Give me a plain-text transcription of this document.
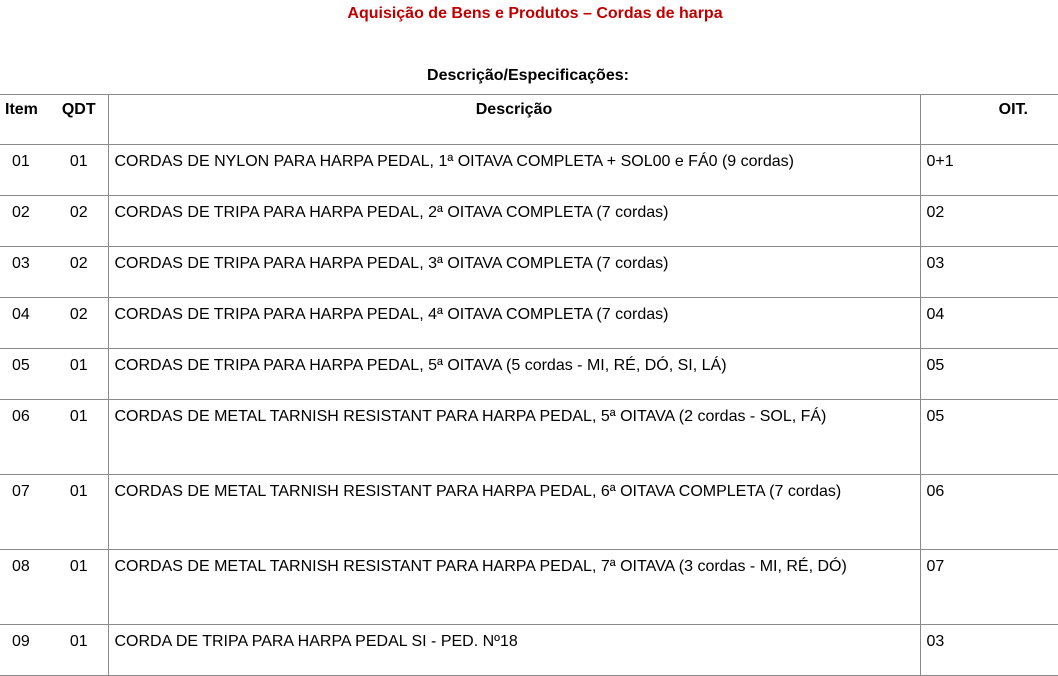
Aquisição de Bens e Produtos – Cordas de harpa
Descrição/Especificações:
Item	QDT	Descrição	OIT.
01	01	CORDAS DE NYLON PARA HARPA PEDAL, 1ª OITAVA COMPLETA + SOL00 e FÁ0 (9 cordas)	0+1
02	02	CORDAS DE TRIPA PARA HARPA PEDAL, 2ª OITAVA COMPLETA (7 cordas)	02
03	02	CORDAS DE TRIPA PARA HARPA PEDAL, 3ª OITAVA COMPLETA (7 cordas)	03
04	02	CORDAS DE TRIPA PARA HARPA PEDAL, 4ª OITAVA COMPLETA (7 cordas)	04
05	01	CORDAS DE TRIPA PARA HARPA PEDAL, 5ª OITAVA (5 cordas - MI, RÉ, DÓ, SI, LÁ)	05
06	01	CORDAS DE METAL TARNISH RESISTANT PARA HARPA PEDAL, 5ª OITAVA (2 cordas - SOL, FÁ)	05
07	01	CORDAS DE METAL TARNISH RESISTANT PARA HARPA PEDAL, 6ª OITAVA COMPLETA (7 cordas)	06
08	01	CORDAS DE METAL TARNISH RESISTANT PARA HARPA PEDAL, 7ª OITAVA (3 cordas - MI, RÉ, DÓ)	07
09	01	CORDA DE TRIPA PARA HARPA PEDAL SI - PED. Nº18	03
